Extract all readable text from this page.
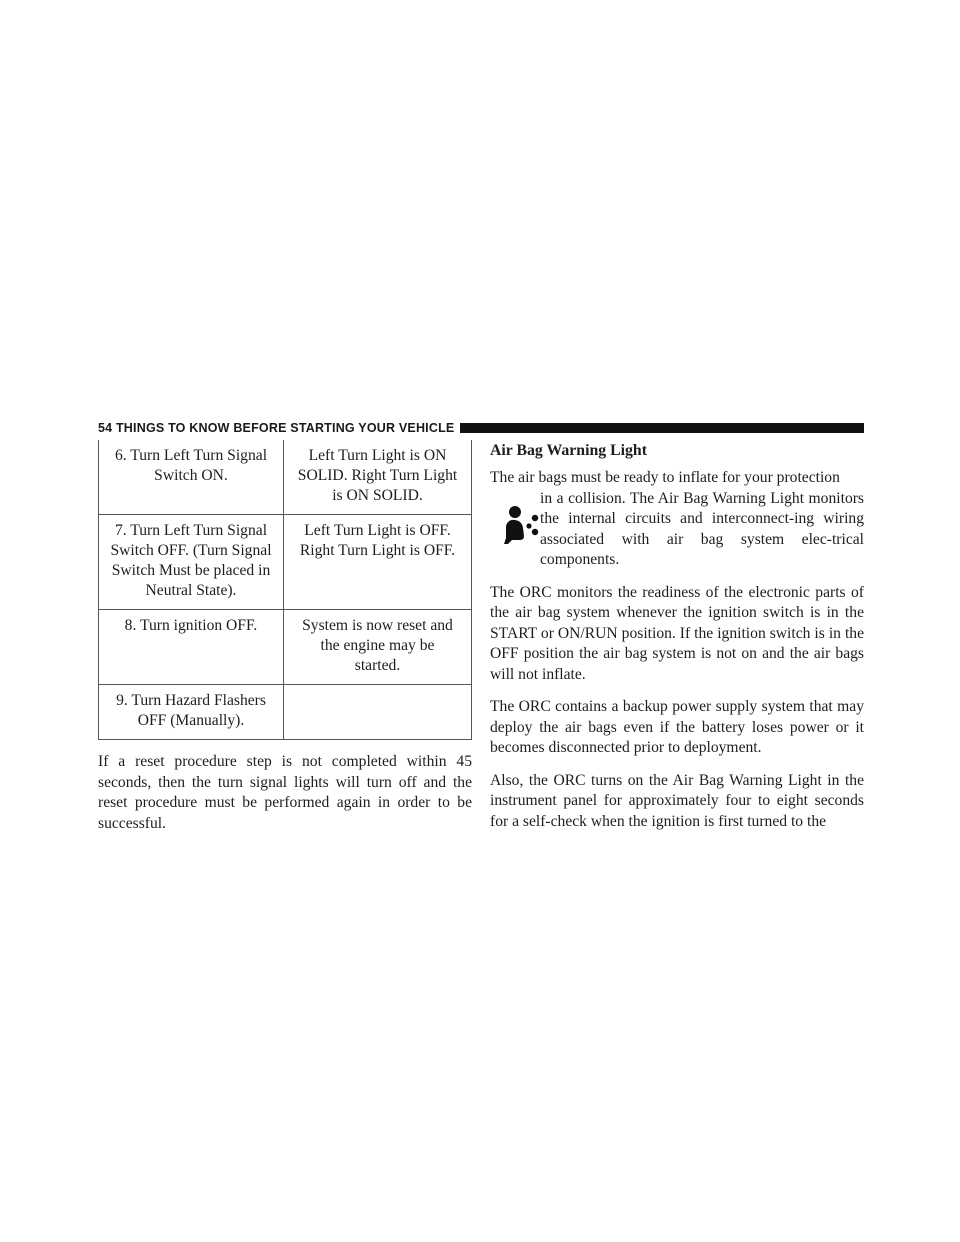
54 THINGS TO KNOW BEFORE STARTING YOUR VEHICLE
6. Turn Left Turn Signal
Switch ON.	Left Turn Light is ON
SOLID. Right Turn Light
is ON SOLID.

7. Turn Left Turn Signal
Switch OFF. (Turn Signal
Switch Must be placed in
Neutral State).	Left Turn Light is OFF.
Right Turn Light is OFF.

8. Turn ignition OFF.	System is now reset and
the engine may be
started.

9. Turn Hazard Flashers
OFF (Manually).	

If a reset procedure step is not completed within 45 seconds, then the turn signal lights will turn off and the reset procedure must be performed again in order to be successful.

Air Bag Warning Light

The air bags must be ready to inflate for your protection
in a collision. The Air Bag Warning Light monitors the internal circuits and interconnect-ing wiring associated with air bag system elec-trical components.

The ORC monitors the readiness of the electronic parts of the air bag system whenever the ignition switch is in the START or ON/RUN position. If the ignition switch is in the OFF position the air bag system is not on and the air bags will not inflate.

The ORC contains a backup power supply system that may deploy the air bags even if the battery loses power or it becomes disconnected prior to deployment.

Also, the ORC turns on the Air Bag Warning Light in the instrument panel for approximately four to eight seconds for a self-check when the ignition is first turned to the
